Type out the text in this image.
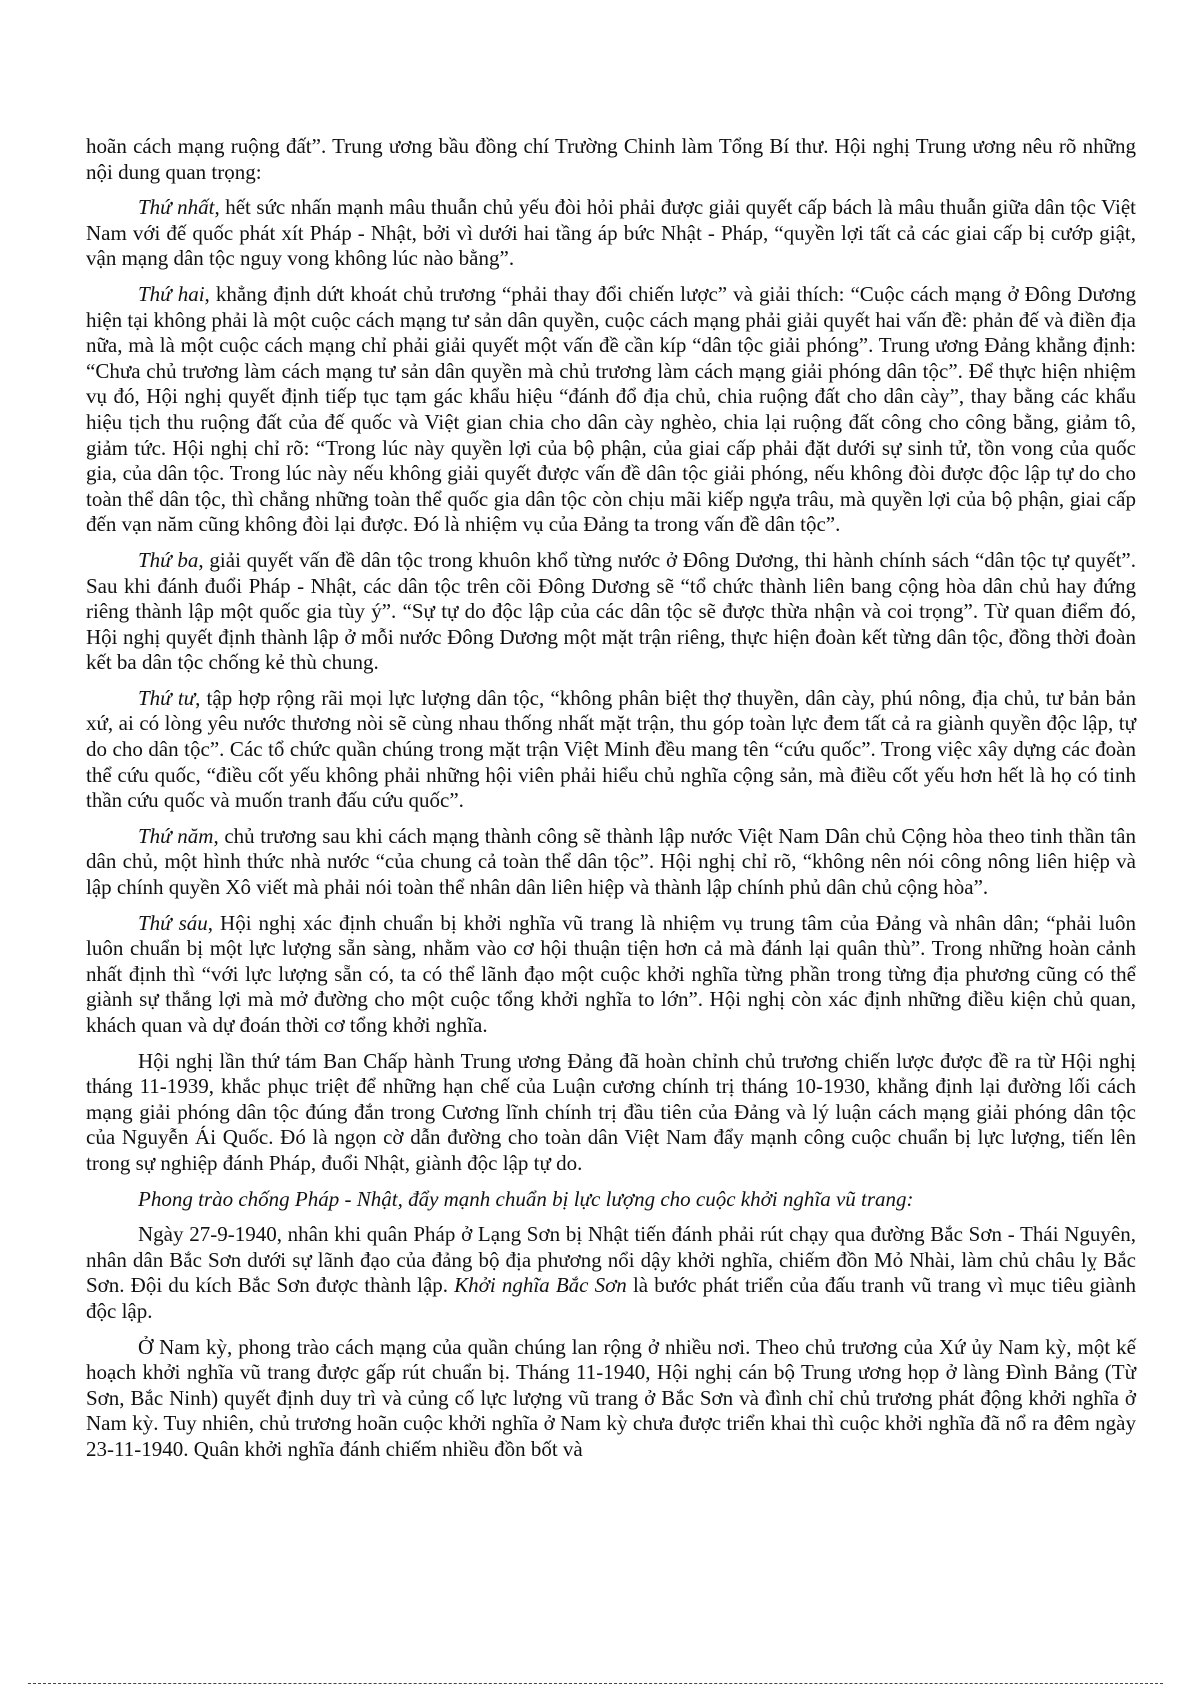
hoãn cách mạng ruộng đất”. Trung ương bầu đồng chí Trường Chinh làm Tổng Bí thư. Hội nghị Trung ương nêu rõ những nội dung quan trọng:

Thứ nhất, hết sức nhấn mạnh mâu thuẫn chủ yếu đòi hỏi phải được giải quyết cấp bách là mâu thuẫn giữa dân tộc Việt Nam với đế quốc phát xít Pháp - Nhật, bởi vì dưới hai tầng áp bức Nhật - Pháp, “quyền lợi tất cả các giai cấp bị cướp giật, vận mạng dân tộc nguy vong không lúc nào bằng”.

Thứ hai, khẳng định dứt khoát chủ trương “phải thay đổi chiến lược” và giải thích: “Cuộc cách mạng ở Đông Dương hiện tại không phải là một cuộc cách mạng tư sản dân quyền, cuộc cách mạng phải giải quyết hai vấn đề: phản đế và điền địa nữa, mà là một cuộc cách mạng chỉ phải giải quyết một vấn đề cần kíp “dân tộc giải phóng”. Trung ương Đảng khẳng định: “Chưa chủ trương làm cách mạng tư sản dân quyền mà chủ trương làm cách mạng giải phóng dân tộc”. Để thực hiện nhiệm vụ đó, Hội nghị quyết định tiếp tục tạm gác khẩu hiệu “đánh đổ địa chủ, chia ruộng đất cho dân cày”, thay bằng các khẩu hiệu tịch thu ruộng đất của đế quốc và Việt gian chia cho dân cày nghèo, chia lại ruộng đất công cho công bằng, giảm tô, giảm tức. Hội nghị chỉ rõ: “Trong lúc này quyền lợi của bộ phận, của giai cấp phải đặt dưới sự sinh tử, tồn vong của quốc gia, của dân tộc. Trong lúc này nếu không giải quyết được vấn đề dân tộc giải phóng, nếu không đòi được độc lập tự do cho toàn thể dân tộc, thì chẳng những toàn thể quốc gia dân tộc còn chịu mãi kiếp ngựa trâu, mà quyền lợi của bộ phận, giai cấp đến vạn năm cũng không đòi lại được. Đó là nhiệm vụ của Đảng ta trong vấn đề dân tộc”.

Thứ ba, giải quyết vấn đề dân tộc trong khuôn khổ từng nước ở Đông Dương, thi hành chính sách “dân tộc tự quyết”. Sau khi đánh đuổi Pháp - Nhật, các dân tộc trên cõi Đông Dương sẽ “tổ chức thành liên bang cộng hòa dân chủ hay đứng riêng thành lập một quốc gia tùy ý”. “Sự tự do độc lập của các dân tộc sẽ được thừa nhận và coi trọng”. Từ quan điểm đó, Hội nghị quyết định thành lập ở mỗi nước Đông Dương một mặt trận riêng, thực hiện đoàn kết từng dân tộc, đồng thời đoàn kết ba dân tộc chống kẻ thù chung.

Thứ tư, tập hợp rộng rãi mọi lực lượng dân tộc, “không phân biệt thợ thuyền, dân cày, phú nông, địa chủ, tư bản bản xứ, ai có lòng yêu nước thương nòi sẽ cùng nhau thống nhất mặt trận, thu góp toàn lực đem tất cả ra giành quyền độc lập, tự do cho dân tộc”. Các tổ chức quần chúng trong mặt trận Việt Minh đều mang tên “cứu quốc”. Trong việc xây dựng các đoàn thể cứu quốc, “điều cốt yếu không phải những hội viên phải hiểu chủ nghĩa cộng sản, mà điều cốt yếu hơn hết là họ có tinh thần cứu quốc và muốn tranh đấu cứu quốc”.

Thứ năm, chủ trương sau khi cách mạng thành công sẽ thành lập nước Việt Nam Dân chủ Cộng hòa theo tinh thần tân dân chủ, một hình thức nhà nước “của chung cả toàn thể dân tộc”. Hội nghị chỉ rõ, “không nên nói công nông liên hiệp và lập chính quyền Xô viết mà phải nói toàn thể nhân dân liên hiệp và thành lập chính phủ dân chủ cộng hòa”.

Thứ sáu, Hội nghị xác định chuẩn bị khởi nghĩa vũ trang là nhiệm vụ trung tâm của Đảng và nhân dân; “phải luôn luôn chuẩn bị một lực lượng sẵn sàng, nhằm vào cơ hội thuận tiện hơn cả mà đánh lại quân thù”. Trong những hoàn cảnh nhất định thì “với lực lượng sẵn có, ta có thể lãnh đạo một cuộc khởi nghĩa từng phần trong từng địa phương cũng có thể giành sự thắng lợi mà mở đường cho một cuộc tổng khởi nghĩa to lớn”. Hội nghị còn xác định những điều kiện chủ quan, khách quan và dự đoán thời cơ tổng khởi nghĩa.

Hội nghị lần thứ tám Ban Chấp hành Trung ương Đảng đã hoàn chỉnh chủ trương chiến lược được đề ra từ Hội nghị tháng 11-1939, khắc phục triệt để những hạn chế của Luận cương chính trị tháng 10-1930, khẳng định lại đường lối cách mạng giải phóng dân tộc đúng đắn trong Cương lĩnh chính trị đầu tiên của Đảng và lý luận cách mạng giải phóng dân tộc của Nguyễn Ái Quốc. Đó là ngọn cờ dẫn đường cho toàn dân Việt Nam đẩy mạnh công cuộc chuẩn bị lực lượng, tiến lên trong sự nghiệp đánh Pháp, đuổi Nhật, giành độc lập tự do.

Phong trào chống Pháp - Nhật, đẩy mạnh chuẩn bị lực lượng cho cuộc khởi nghĩa vũ trang:

Ngày 27-9-1940, nhân khi quân Pháp ở Lạng Sơn bị Nhật tiến đánh phải rút chạy qua đường Bắc Sơn - Thái Nguyên, nhân dân Bắc Sơn dưới sự lãnh đạo của đảng bộ địa phương nổi dậy khởi nghĩa, chiếm đồn Mỏ Nhài, làm chủ châu lỵ Bắc Sơn. Đội du kích Bắc Sơn được thành lập. Khởi nghĩa Bắc Sơn là bước phát triển của đấu tranh vũ trang vì mục tiêu giành độc lập.

Ở Nam kỳ, phong trào cách mạng của quần chúng lan rộng ở nhiều nơi. Theo chủ trương của Xứ ủy Nam kỳ, một kế hoạch khởi nghĩa vũ trang được gấp rút chuẩn bị. Tháng 11-1940, Hội nghị cán bộ Trung ương họp ở làng Đình Bảng (Từ Sơn, Bắc Ninh) quyết định duy trì và củng cố lực lượng vũ trang ở Bắc Sơn và đình chỉ chủ trương phát động khởi nghĩa ở Nam kỳ. Tuy nhiên, chủ trương hoãn cuộc khởi nghĩa ở Nam kỳ chưa được triển khai thì cuộc khởi nghĩa đã nổ ra đêm ngày 23-11-1940. Quân khởi nghĩa đánh chiếm nhiều đồn bốt và
